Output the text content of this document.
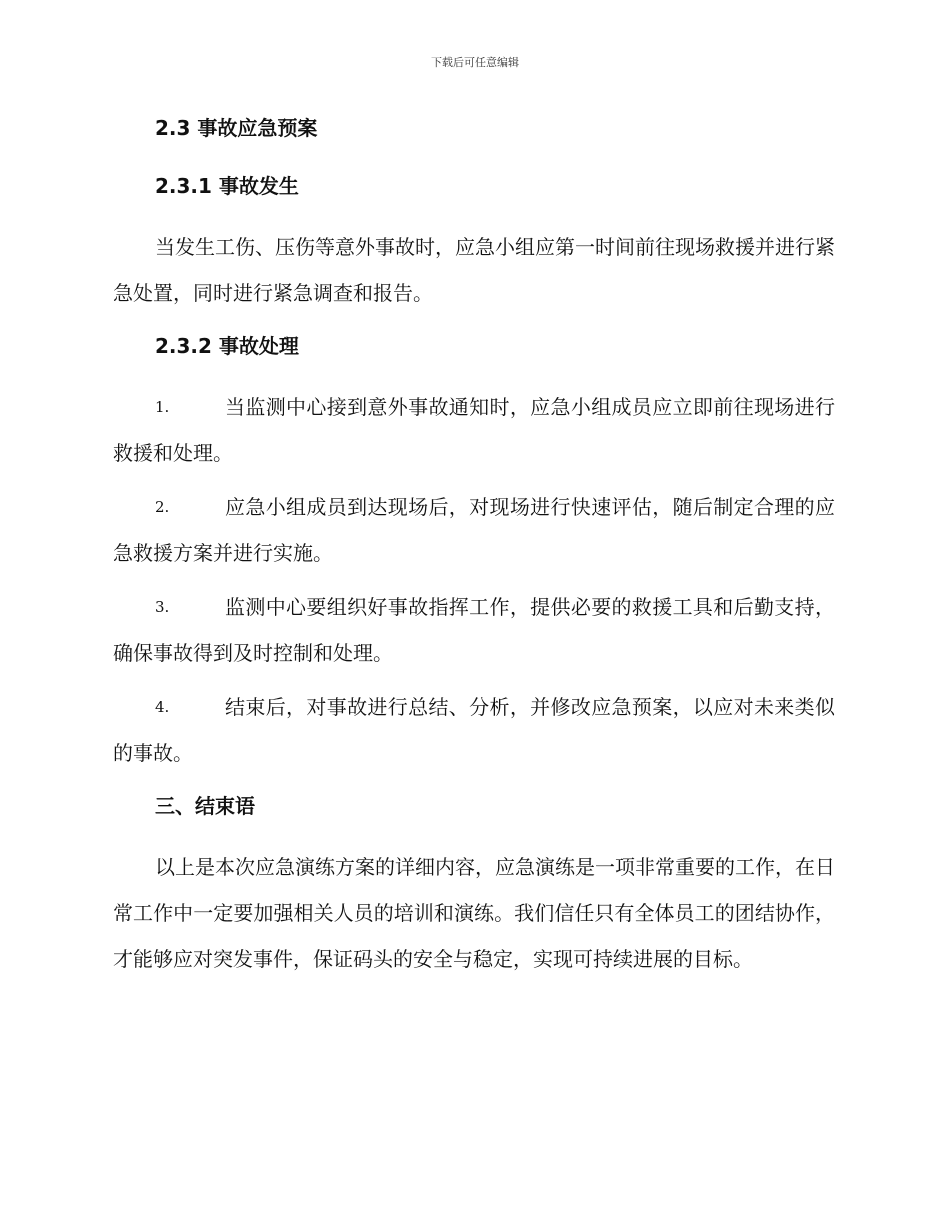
下载后可任意编辑
2.3 事故应急预案
2.3.1 事故发生

当发生工伤、压伤等意外事故时，应急小组应第一时间前往现场救援并进行紧急处置，同时进行紧急调查和报告。

2.3.2 事故处理
1.	当监测中心接到意外事故通知时，应急小组成员应立即前往现场进行救援和处理。
2.	应急小组成员到达现场后，对现场进行快速评估，随后制定合理的应急救援方案并进行实施。
3.	监测中心要组织好事故指挥工作，提供必要的救援工具和后勤支持，确保事故得到及时控制和处理。
4.	结束后，对事故进行总结、分析，并修改应急预案，以应对未来类似的事故。
三、结束语

以上是本次应急演练方案的详细内容，应急演练是一项非常重要的工作，在日常工作中一定要加强相关人员的培训和演练。我们信任只有全体员工的团结协作，才能够应对突发事件，保证码头的安全与稳定，实现可持续进展的目标。
